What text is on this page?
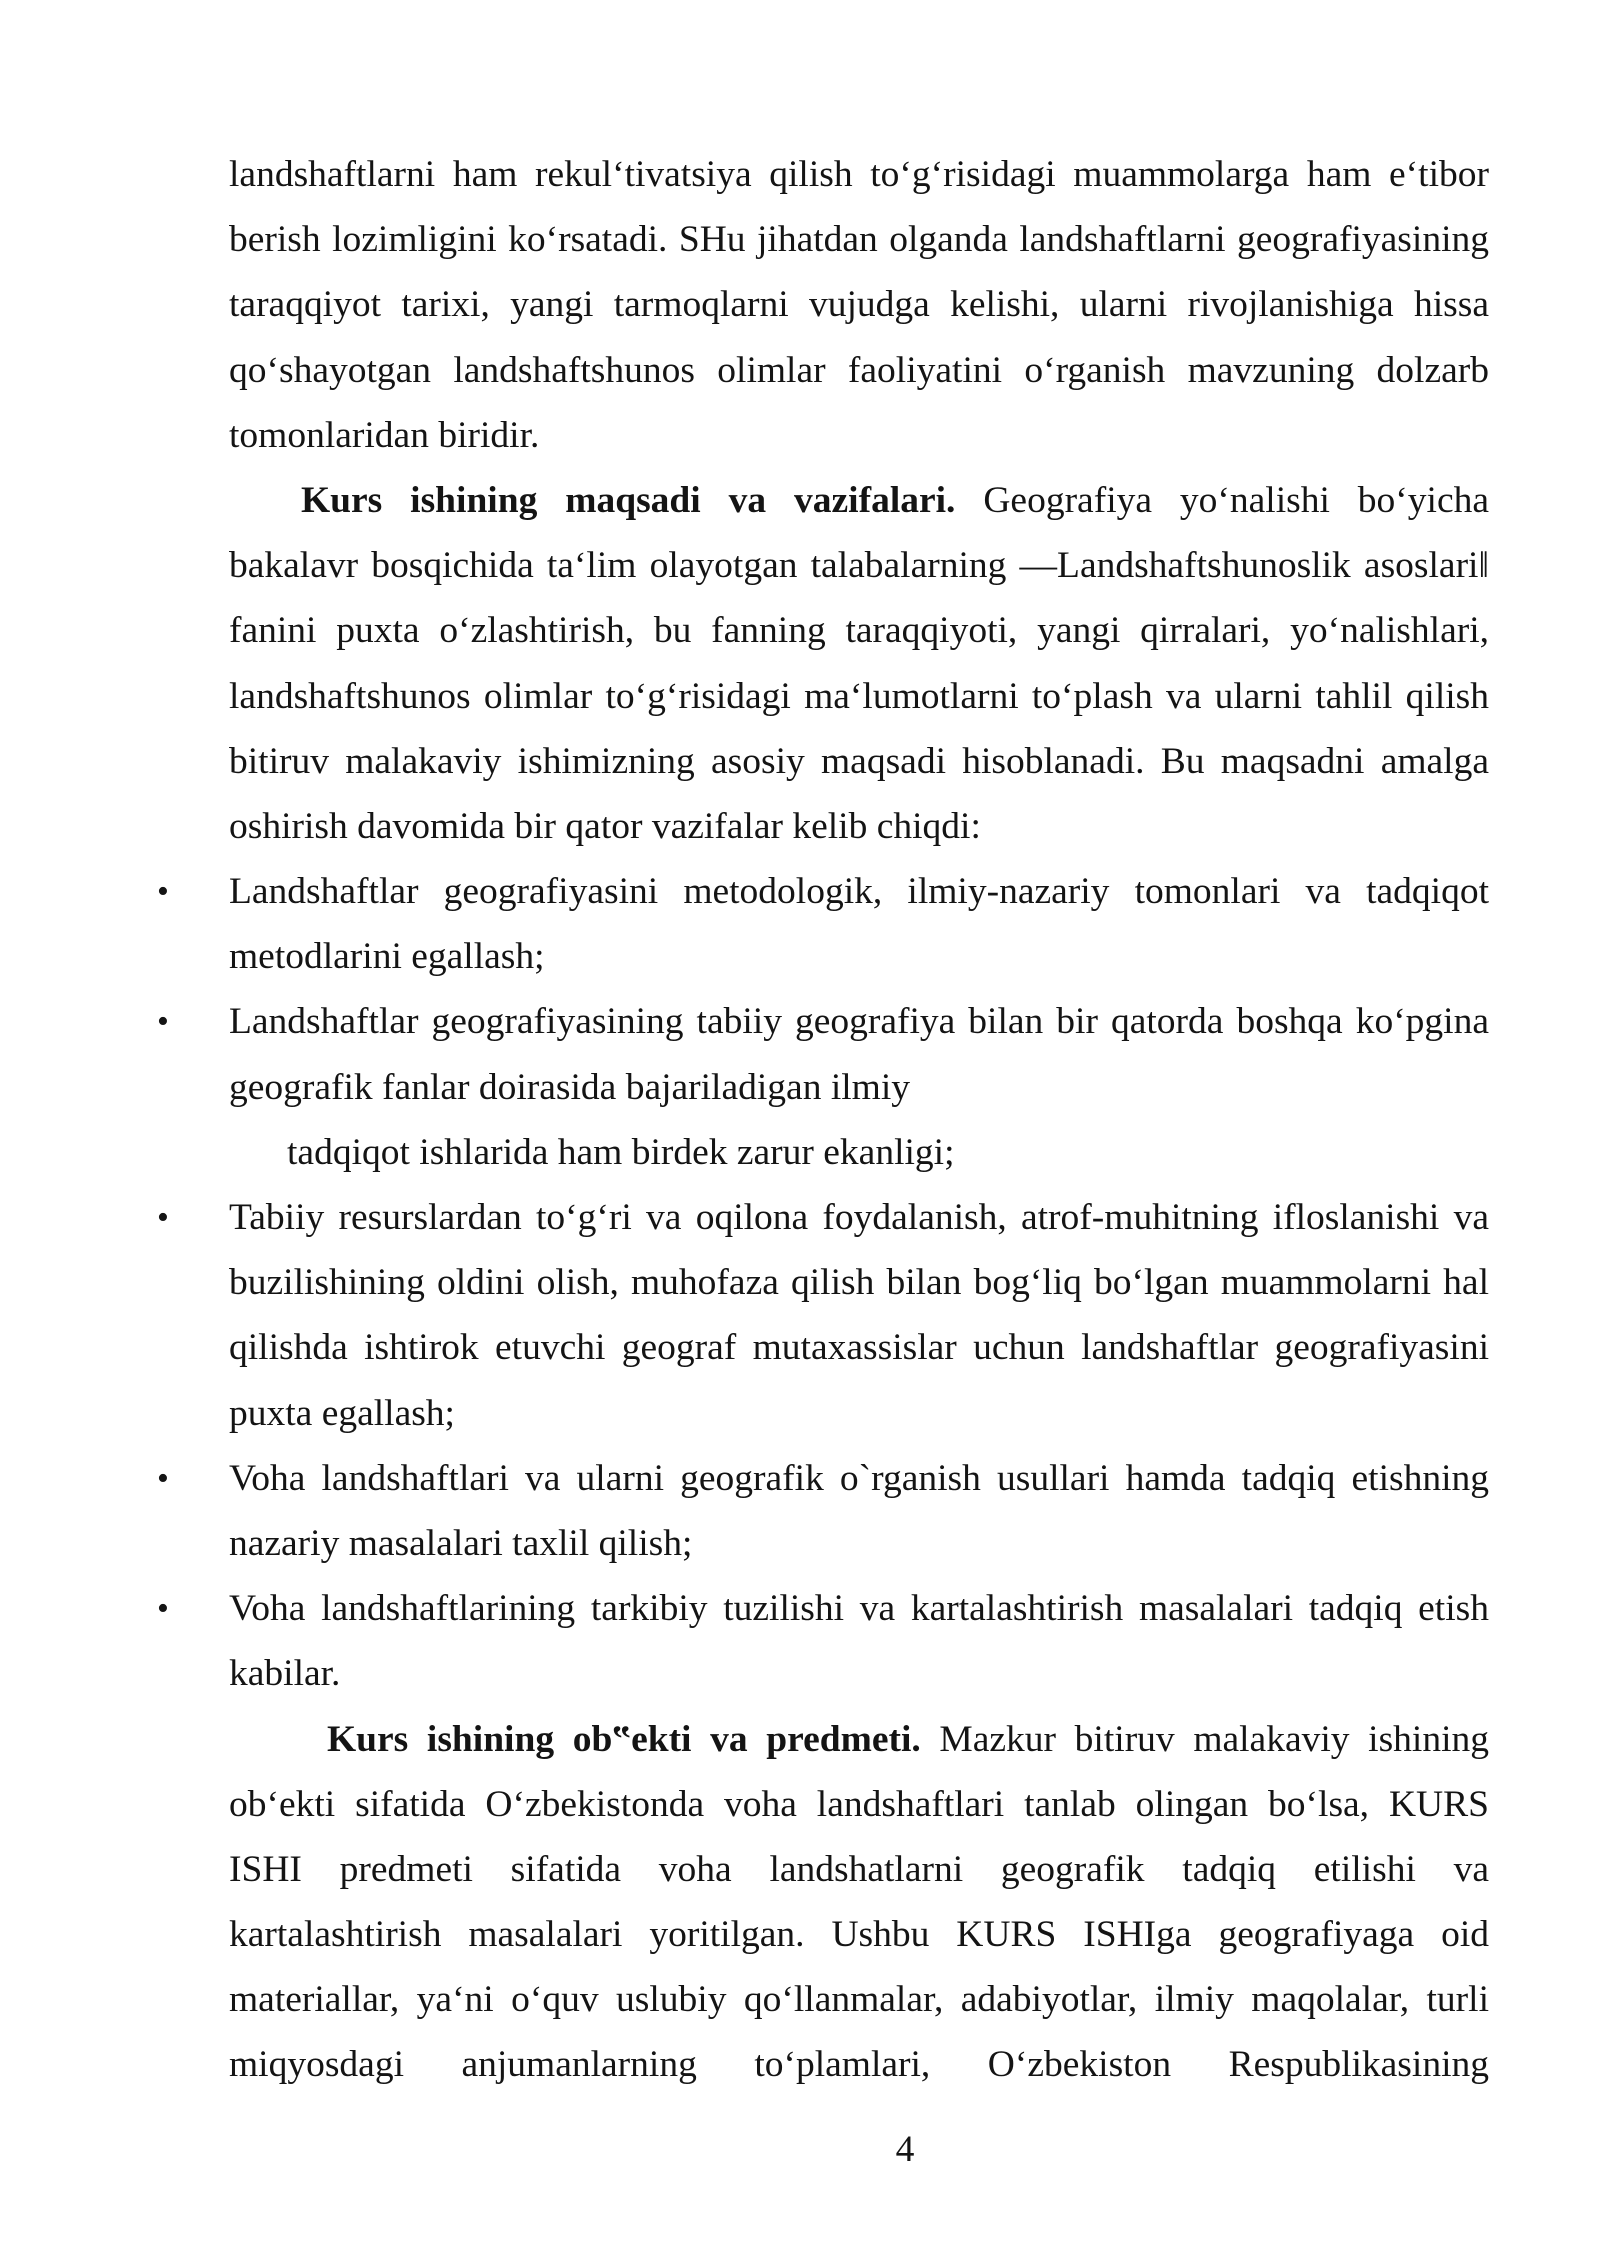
landshaftlarni ham rekul‘tivatsiya qilish to‘g‘risidagi muammolarga ham e‘tibor
berish lozimligini ko‘rsatadi. SHu jihatdan olganda landshaftlarni geografiyasining
taraqqiyot tarixi, yangi tarmoqlarni vujudga kelishi, ularni rivojlanishiga hissa
qo‘shayotgan landshaftshunos olimlar faoliyatini o‘rganish mavzuning dolzarb
tomonlaridan biridir.
Kurs ishining maqsadi va vazifalari. Geografiya yo‘nalishi bo‘yicha
bakalavr bosqichida ta‘lim olayotgan talabalarning —Landshaftshunoslik asoslari‖
fanini puxta o‘zlashtirish, bu fanning taraqqiyoti, yangi qirralari, yo‘nalishlari,
landshaftshunos olimlar to‘g‘risidagi ma‘lumotlarni to‘plash va ularni tahlil qilish
bitiruv malakaviy ishimizning asosiy maqsadi hisoblanadi. Bu maqsadni amalga
oshirish davomida bir qator vazifalar kelib chiqdi:
• Landshaftlar geografiyasini metodologik, ilmiy-nazariy tomonlari va tadqiqot
metodlarini egallash;
• Landshaftlar geografiyasining tabiiy geografiya bilan bir qatorda boshqa ko‘pgina
geografik fanlar doirasida bajariladigan ilmiy
tadqiqot ishlarida ham birdek zarur ekanligi;
• Tabiiy resurslardan to‘g‘ri va oqilona foydalanish, atrof-muhitning ifloslanishi va
buzilishining oldini olish, muhofaza qilish bilan bog‘liq bo‘lgan muammolarni hal
qilishda ishtirok etuvchi geograf mutaxassislar uchun landshaftlar geografiyasini
puxta egallash;
• Voha landshaftlari va ularni geografik o`rganish usullari hamda tadqiq etishning
nazariy masalalari taxlil qilish;
• Voha landshaftlarining tarkibiy tuzilishi va kartalashtirish masalalari tadqiq etish
kabilar.
Kurs ishining ob‟ekti va predmeti. Mazkur bitiruv malakaviy ishining
ob‘ekti sifatida O‘zbekistonda voha landshaftlari tanlab olingan bo‘lsa, KURS
ISHI predmeti sifatida voha landshatlarni geografik tadqiq etilishi va
kartalashtirish masalalari yoritilgan. Ushbu KURS ISHIga geografiyaga oid
materiallar, ya‘ni o‘quv uslubiy qo‘llanmalar, adabiyotlar, ilmiy maqolalar, turli
miqyosdagi anjumanlarning to‘plamlari, O‘zbekiston Respublikasining
4
